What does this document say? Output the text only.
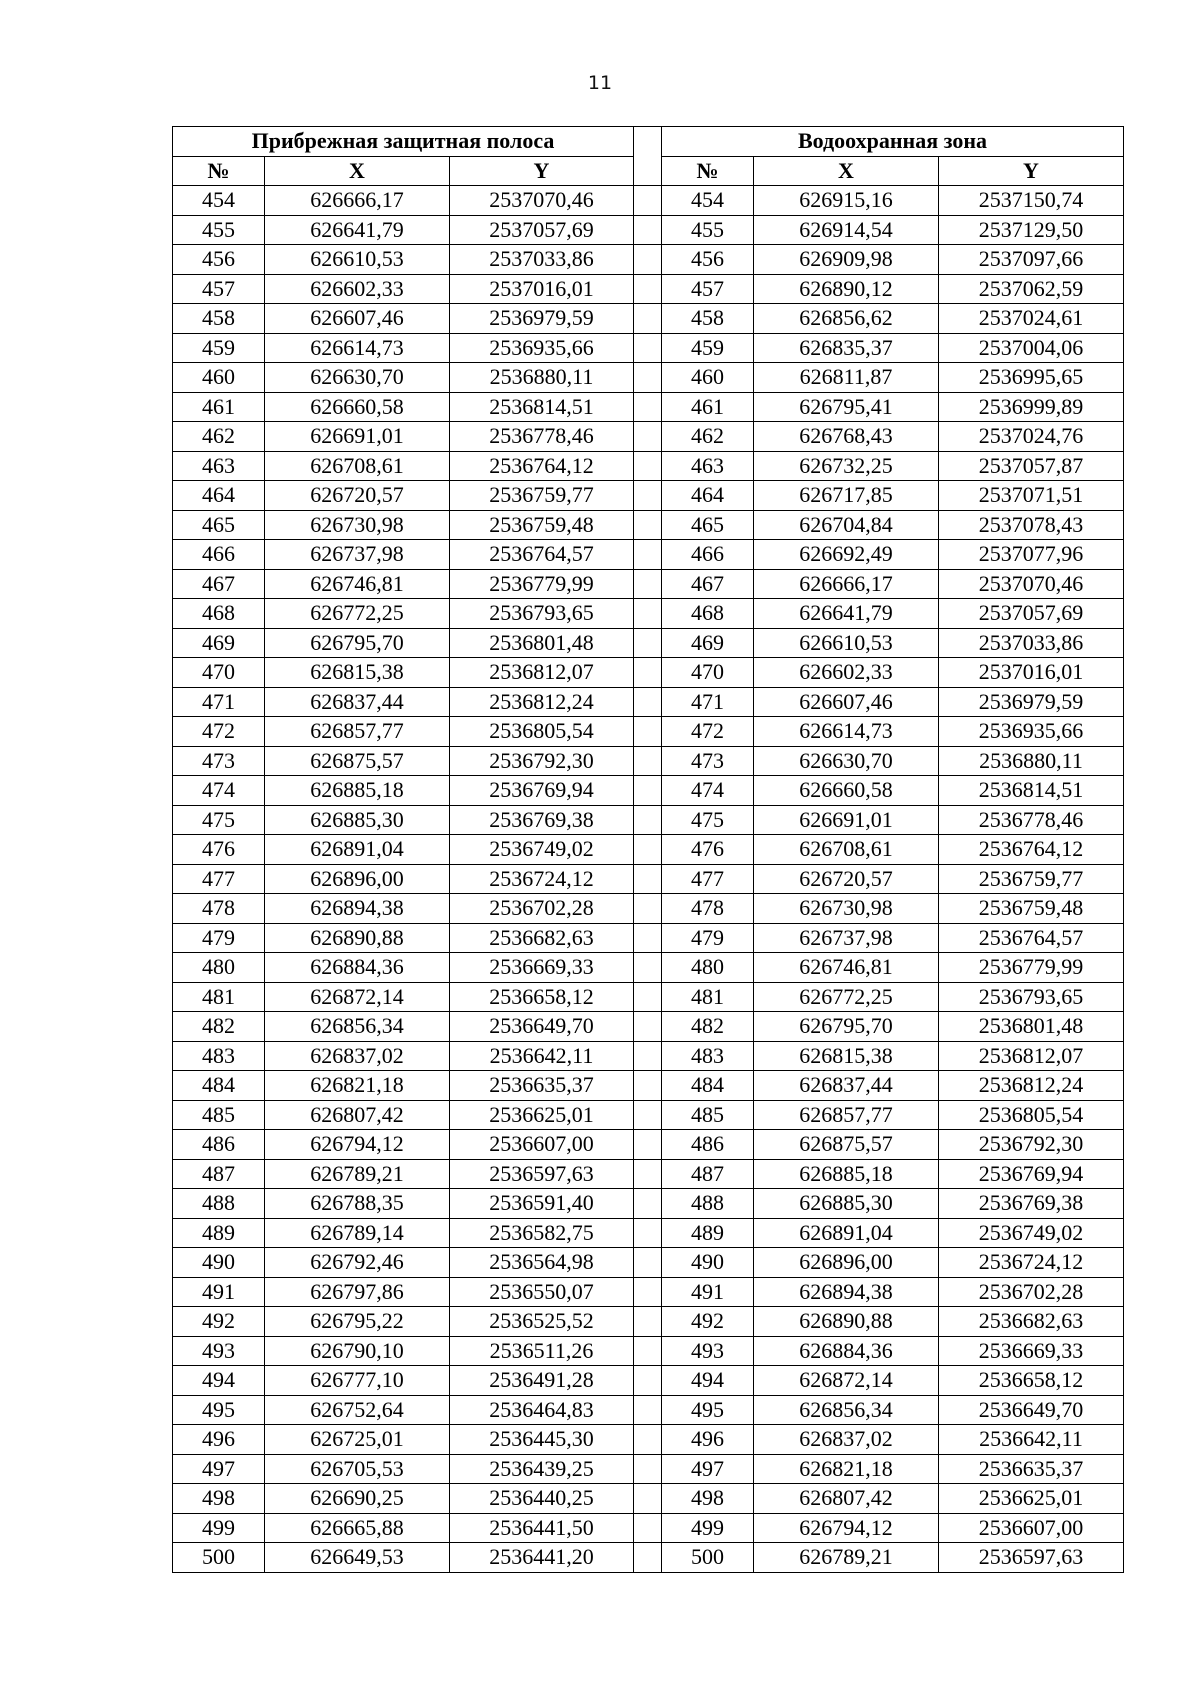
11
Прибрежная защитная полоса				Водоохранная зона		
№	X	Y		№	X	Y
454	626666,17	2537070,46		454	626915,16	2537150,74
455	626641,79	2537057,69		455	626914,54	2537129,50
456	626610,53	2537033,86		456	626909,98	2537097,66
457	626602,33	2537016,01		457	626890,12	2537062,59
458	626607,46	2536979,59		458	626856,62	2537024,61
459	626614,73	2536935,66		459	626835,37	2537004,06
460	626630,70	2536880,11		460	626811,87	2536995,65
461	626660,58	2536814,51		461	626795,41	2536999,89
462	626691,01	2536778,46		462	626768,43	2537024,76
463	626708,61	2536764,12		463	626732,25	2537057,87
464	626720,57	2536759,77		464	626717,85	2537071,51
465	626730,98	2536759,48		465	626704,84	2537078,43
466	626737,98	2536764,57		466	626692,49	2537077,96
467	626746,81	2536779,99		467	626666,17	2537070,46
468	626772,25	2536793,65		468	626641,79	2537057,69
469	626795,70	2536801,48		469	626610,53	2537033,86
470	626815,38	2536812,07		470	626602,33	2537016,01
471	626837,44	2536812,24		471	626607,46	2536979,59
472	626857,77	2536805,54		472	626614,73	2536935,66
473	626875,57	2536792,30		473	626630,70	2536880,11
474	626885,18	2536769,94		474	626660,58	2536814,51
475	626885,30	2536769,38		475	626691,01	2536778,46
476	626891,04	2536749,02		476	626708,61	2536764,12
477	626896,00	2536724,12		477	626720,57	2536759,77
478	626894,38	2536702,28		478	626730,98	2536759,48
479	626890,88	2536682,63		479	626737,98	2536764,57
480	626884,36	2536669,33		480	626746,81	2536779,99
481	626872,14	2536658,12		481	626772,25	2536793,65
482	626856,34	2536649,70		482	626795,70	2536801,48
483	626837,02	2536642,11		483	626815,38	2536812,07
484	626821,18	2536635,37		484	626837,44	2536812,24
485	626807,42	2536625,01		485	626857,77	2536805,54
486	626794,12	2536607,00		486	626875,57	2536792,30
487	626789,21	2536597,63		487	626885,18	2536769,94
488	626788,35	2536591,40		488	626885,30	2536769,38
489	626789,14	2536582,75		489	626891,04	2536749,02
490	626792,46	2536564,98		490	626896,00	2536724,12
491	626797,86	2536550,07		491	626894,38	2536702,28
492	626795,22	2536525,52		492	626890,88	2536682,63
493	626790,10	2536511,26		493	626884,36	2536669,33
494	626777,10	2536491,28		494	626872,14	2536658,12
495	626752,64	2536464,83		495	626856,34	2536649,70
496	626725,01	2536445,30		496	626837,02	2536642,11
497	626705,53	2536439,25		497	626821,18	2536635,37
498	626690,25	2536440,25		498	626807,42	2536625,01
499	626665,88	2536441,50		499	626794,12	2536607,00
500	626649,53	2536441,20		500	626789,21	2536597,63
